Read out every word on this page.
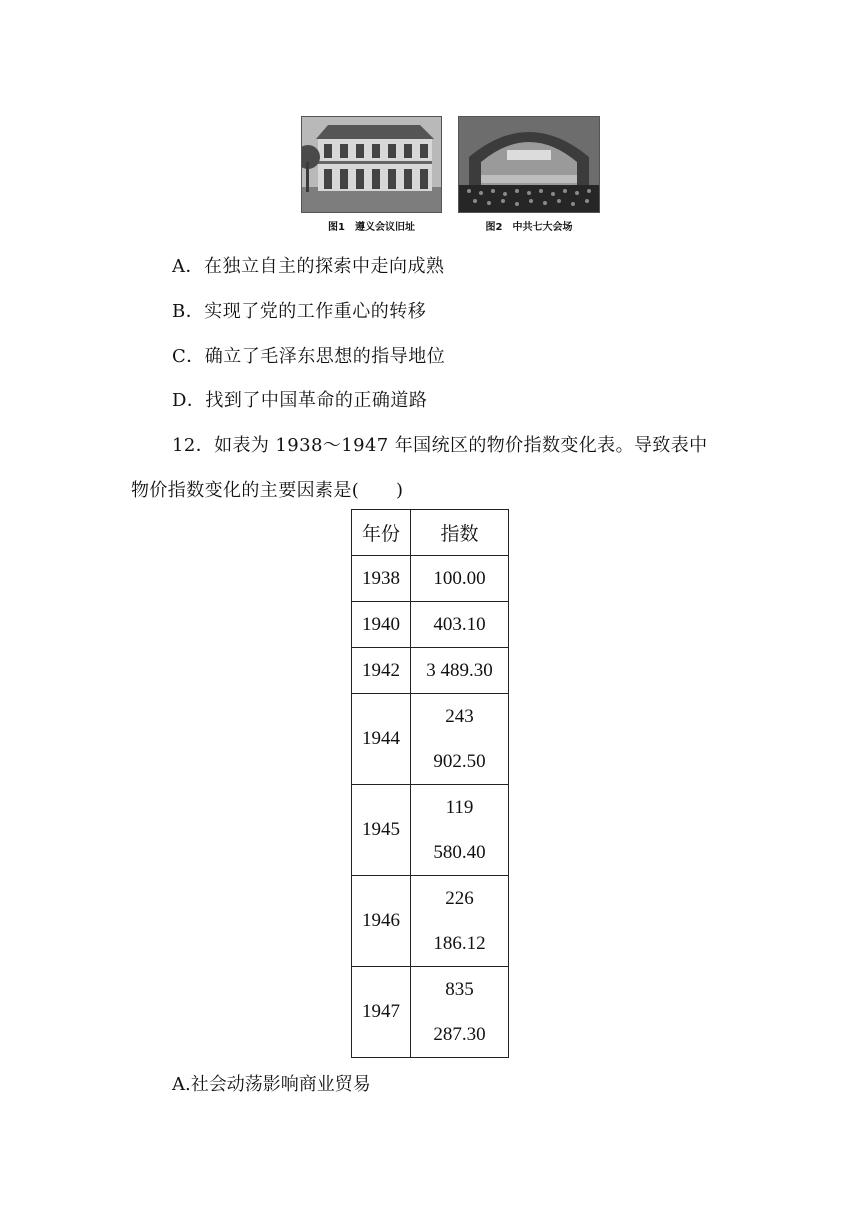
图1　遵义会议旧址	图2　中共七大会场
A．在独立自主的探索中走向成熟
B．实现了党的工作重心的转移
C．确立了毛泽东思想的指导地位
D．找到了中国革命的正确道路
12．如表为 1938～1947 年国统区的物价指数变化表。导致表中
物价指数变化的主要因素是(　　)
年份	指数
1938	100.00
1940	403.10
1942	3 489.30
1944	243
902.50

1945	119
580.40

1946	226
186.12

1947	835
287.30
A.社会动荡影响商业贸易
